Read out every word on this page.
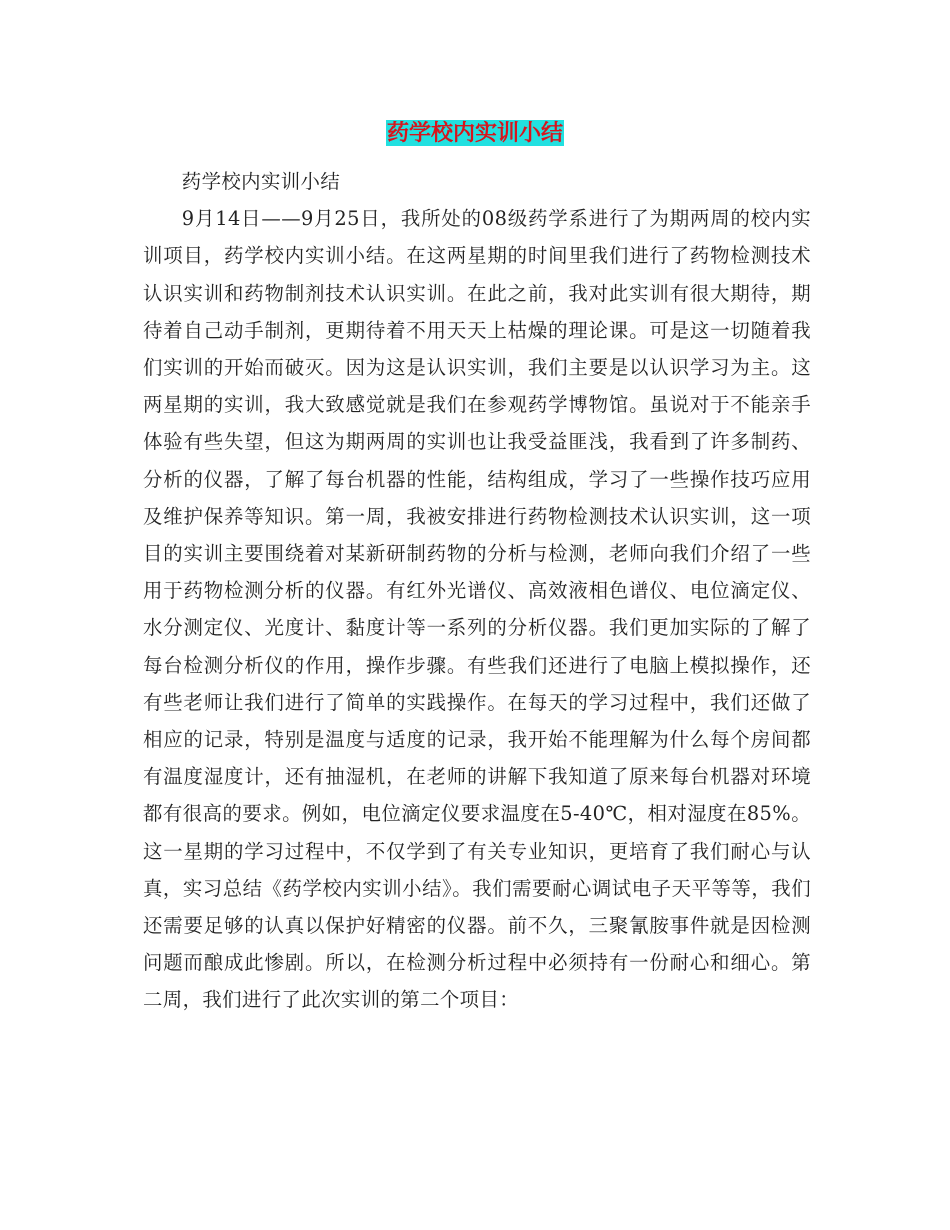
药学校内实训小结

药学校内实训小结

9月14日——9月25日，我所处的08级药学系进行了为期两周的校内实训项目，药学校内实训小结。在这两星期的时间里我们进行了药物检测技术认识实训和药物制剂技术认识实训。在此之前，我对此实训有很大期待，期待着自己动手制剂，更期待着不用天天上枯燥的理论课。可是这一切随着我们实训的开始而破灭。因为这是认识实训，我们主要是以认识学习为主。这两星期的实训，我大致感觉就是我们在参观药学博物馆。虽说对于不能亲手体验有些失望，但这为期两周的实训也让我受益匪浅，我看到了许多制药、分析的仪器，了解了每台机器的性能，结构组成，学习了一些操作技巧应用及维护保养等知识。第一周，我被安排进行药物检测技术认识实训，这一项目的实训主要围绕着对某新研制药物的分析与检测，老师向我们介绍了一些用于药物检测分析的仪器。有红外光谱仪、高效液相色谱仪、电位滴定仪、水分测定仪、光度计、黏度计等一系列的分析仪器。我们更加实际的了解了每台检测分析仪的作用，操作步骤。有些我们还进行了电脑上模拟操作，还有些老师让我们进行了简单的实践操作。在每天的学习过程中，我们还做了相应的记录，特别是温度与适度的记录，我开始不能理解为什么每个房间都有温度湿度计，还有抽湿机，在老师的讲解下我知道了原来每台机器对环境都有很高的要求。例如，电位滴定仪要求温度在5-40℃，相对湿度在85%。这一星期的学习过程中，不仅学到了有关专业知识，更培育了我们耐心与认真，实习总结《药学校内实训小结》。我们需要耐心调试电子天平等等，我们还需要足够的认真以保护好精密的仪器。前不久，三聚氰胺事件就是因检测问题而酿成此惨剧。所以，在检测分析过程中必须持有一份耐心和细心。第二周，我们进行了此次实训的第二个项目：
